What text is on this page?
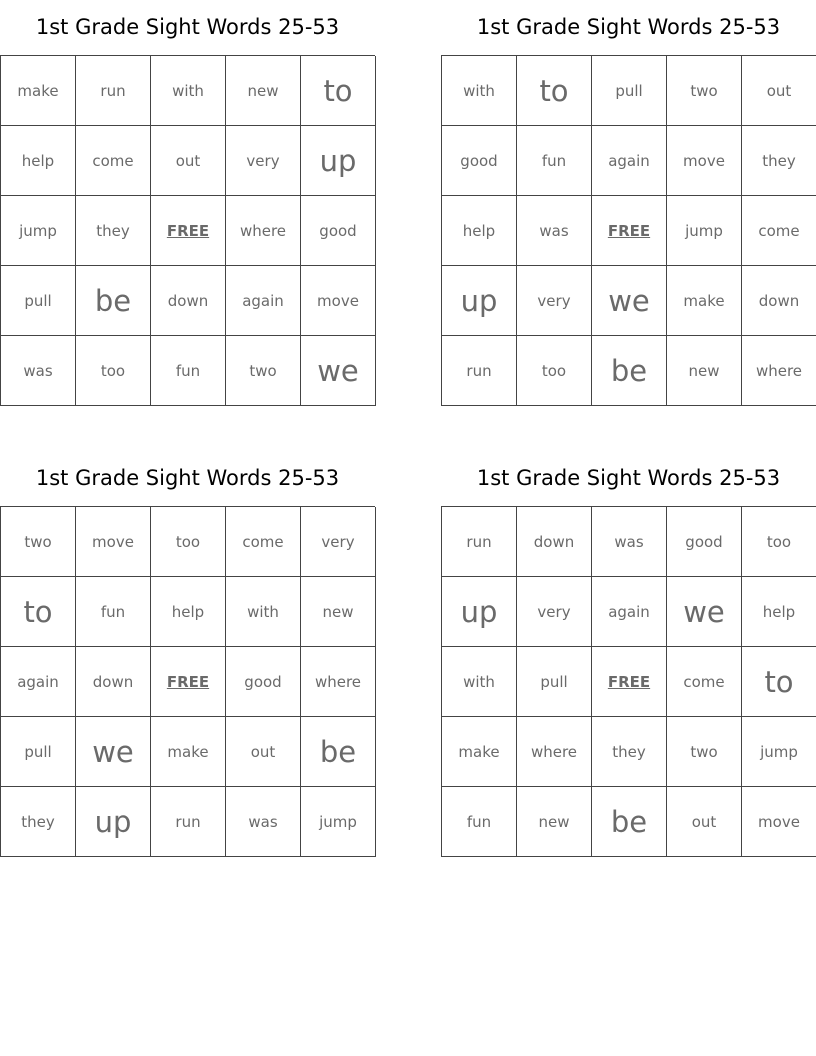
1st Grade Sight Words 25-53
make	run	with	new	to
help	come	out	very	up
jump	they	FREE	where	good
pull	be	down	again	move
was	too	fun	two	we
1st Grade Sight Words 25-53
with	to	pull	two	out
good	fun	again	move	they
help	was	FREE	jump	come
up	very	we	make	down
run	too	be	new	where
1st Grade Sight Words 25-53
two	move	too	come	very
to	fun	help	with	new
again	down	FREE	good	where
pull	we	make	out	be
they	up	run	was	jump
1st Grade Sight Words 25-53
run	down	was	good	too
up	very	again	we	help
with	pull	FREE	come	to
make	where	they	two	jump
fun	new	be	out	move
